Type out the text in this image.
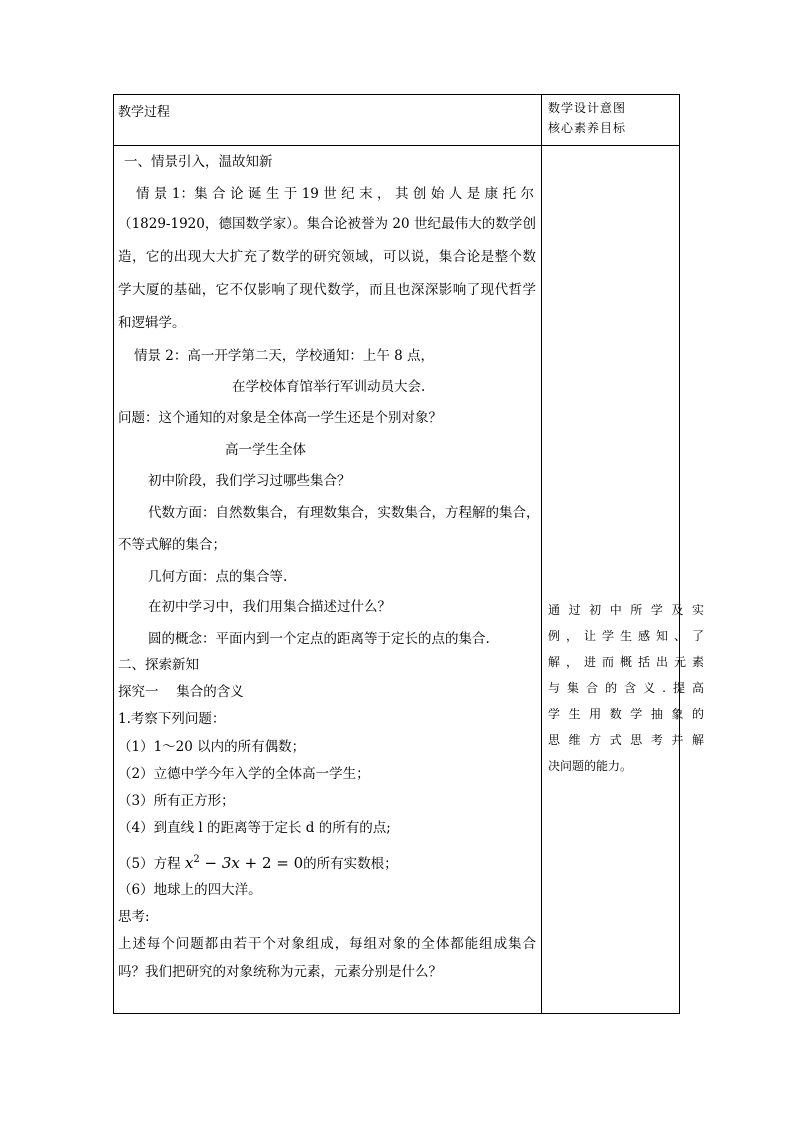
教学过程	数学设计意图
核心素养目标
一、情景引入，温故知新
情 景 1：集 合 论 诞 生 于 19 世 纪 末 ， 其 创 始 人 是 康 托 尔
（1829-1920，德国数学家）。集合论被誉为 20 世纪最伟大的数学创
造，它的出现大大扩充了数学的研究领域，可以说，集合论是整个数
学大厦的基础，它不仅影响了现代数学，而且也深深影响了现代哲学
和逻辑学。
情景 2：高一开学第二天，学校通知：上午 8 点，
在学校体育馆举行军训动员大会.
问题：这个通知的对象是全体高一学生还是个别对象？
高一学生全体
初中阶段，我们学习过哪些集合？
代数方面：自然数集合，有理数集合，实数集合，方程解的集合，
不等式解的集合；
几何方面：点的集合等.
在初中学习中，我们用集合描述过什么？
圆的概念：平面内到一个定点的距离等于定长的点的集合.
二、探索新知
探究一　 集合的含义
1.考察下列问题：
（1）1～20 以内的所有偶数；
（2）立德中学今年入学的全体高一学生；
（3）所有正方形；
（4）到直线 l 的距离等于定长 d 的所有的点;
（5）方程 $x^2 - 3x + 2 = 0$的所有实数根；
（6）地球上的四大洋。
思考:
上述每个问题都由若干个对象组成，每组对象的全体都能组成集合
吗？我们把研究的对象统称为元素，元素分别是什么？
通过初中所学及实
例，让学生感知、了
解，进而概括出元素
与集合的含义.提高
学生用数学抽象的
思维方式思考并解
决问题的能力。
